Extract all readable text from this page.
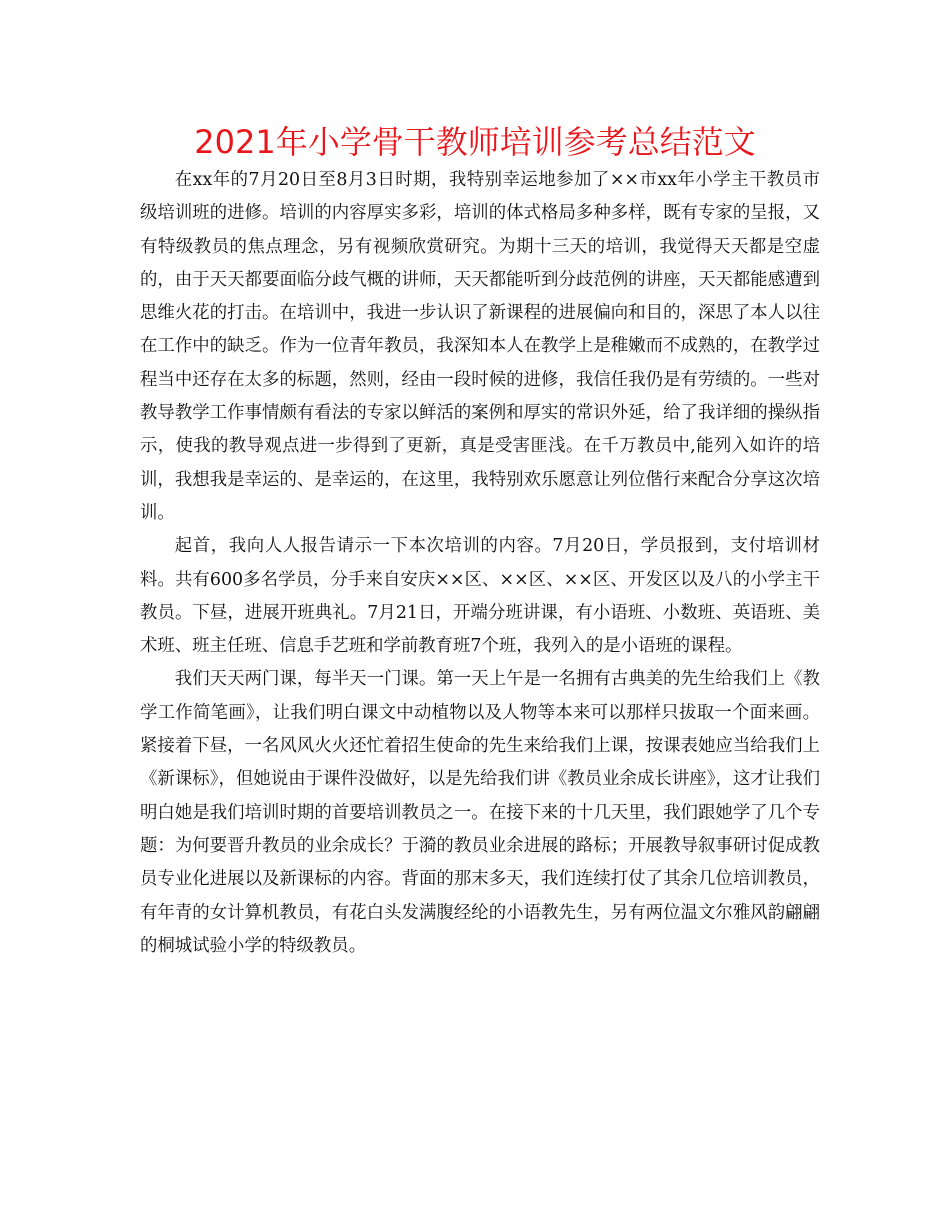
2021年小学骨干教师培训参考总结范文

在xx年的7月20日至8月3日时期，我特别幸运地参加了××市xx年小学主干教员市级培训班的进修。培训的内容厚实多彩，培训的体式格局多种多样，既有专家的呈报，又有特级教员的焦点理念，另有视频欣赏研究。为期十三天的培训，我觉得天天都是空虚的，由于天天都要面临分歧气概的讲师，天天都能听到分歧范例的讲座，天天都能感遭到思维火花的打击。在培训中，我进一步认识了新课程的进展偏向和目的，深思了本人以往在工作中的缺乏。作为一位青年教员，我深知本人在教学上是稚嫩而不成熟的，在教学过程当中还存在太多的标题，然则，经由一段时候的进修，我信任我仍是有劳绩的。一些对教导教学工作事情颇有看法的专家以鲜活的案例和厚实的常识外延，给了我详细的操纵指示，使我的教导观点进一步得到了更新，真是受害匪浅。在千万教员中,能列入如许的培训，我想我是幸运的、是幸运的，在这里，我特别欢乐愿意让列位偕行来配合分享这次培训。

起首，我向人人报告请示一下本次培训的内容。7月20日，学员报到，支付培训材料。共有600多名学员，分手来自安庆××区、××区、××区、开发区以及八的小学主干教员。下昼，进展开班典礼。7月21日，开端分班讲课，有小语班、小数班、英语班、美术班、班主任班、信息手艺班和学前教育班7个班，我列入的是小语班的课程。

我们天天两门课，每半天一门课。第一天上午是一名拥有古典美的先生给我们上《教学工作简笔画》，让我们明白课文中动植物以及人物等本来可以那样只拔取一个面来画。紧接着下昼，一名风风火火还忙着招生使命的先生来给我们上课，按课表她应当给我们上《新课标》，但她说由于课件没做好，以是先给我们讲《教员业余成长讲座》，这才让我们明白她是我们培训时期的首要培训教员之一。在接下来的十几天里，我们跟她学了几个专题：为何要晋升教员的业余成长？于漪的教员业余进展的路标；开展教导叙事研讨促成教员专业化进展以及新课标的内容。背面的那末多天，我们连续打仗了其余几位培训教员，有年青的女计算机教员，有花白头发满腹经纶的小语教先生，另有两位温文尔雅风韵翩翩的桐城试验小学的特级教员。
